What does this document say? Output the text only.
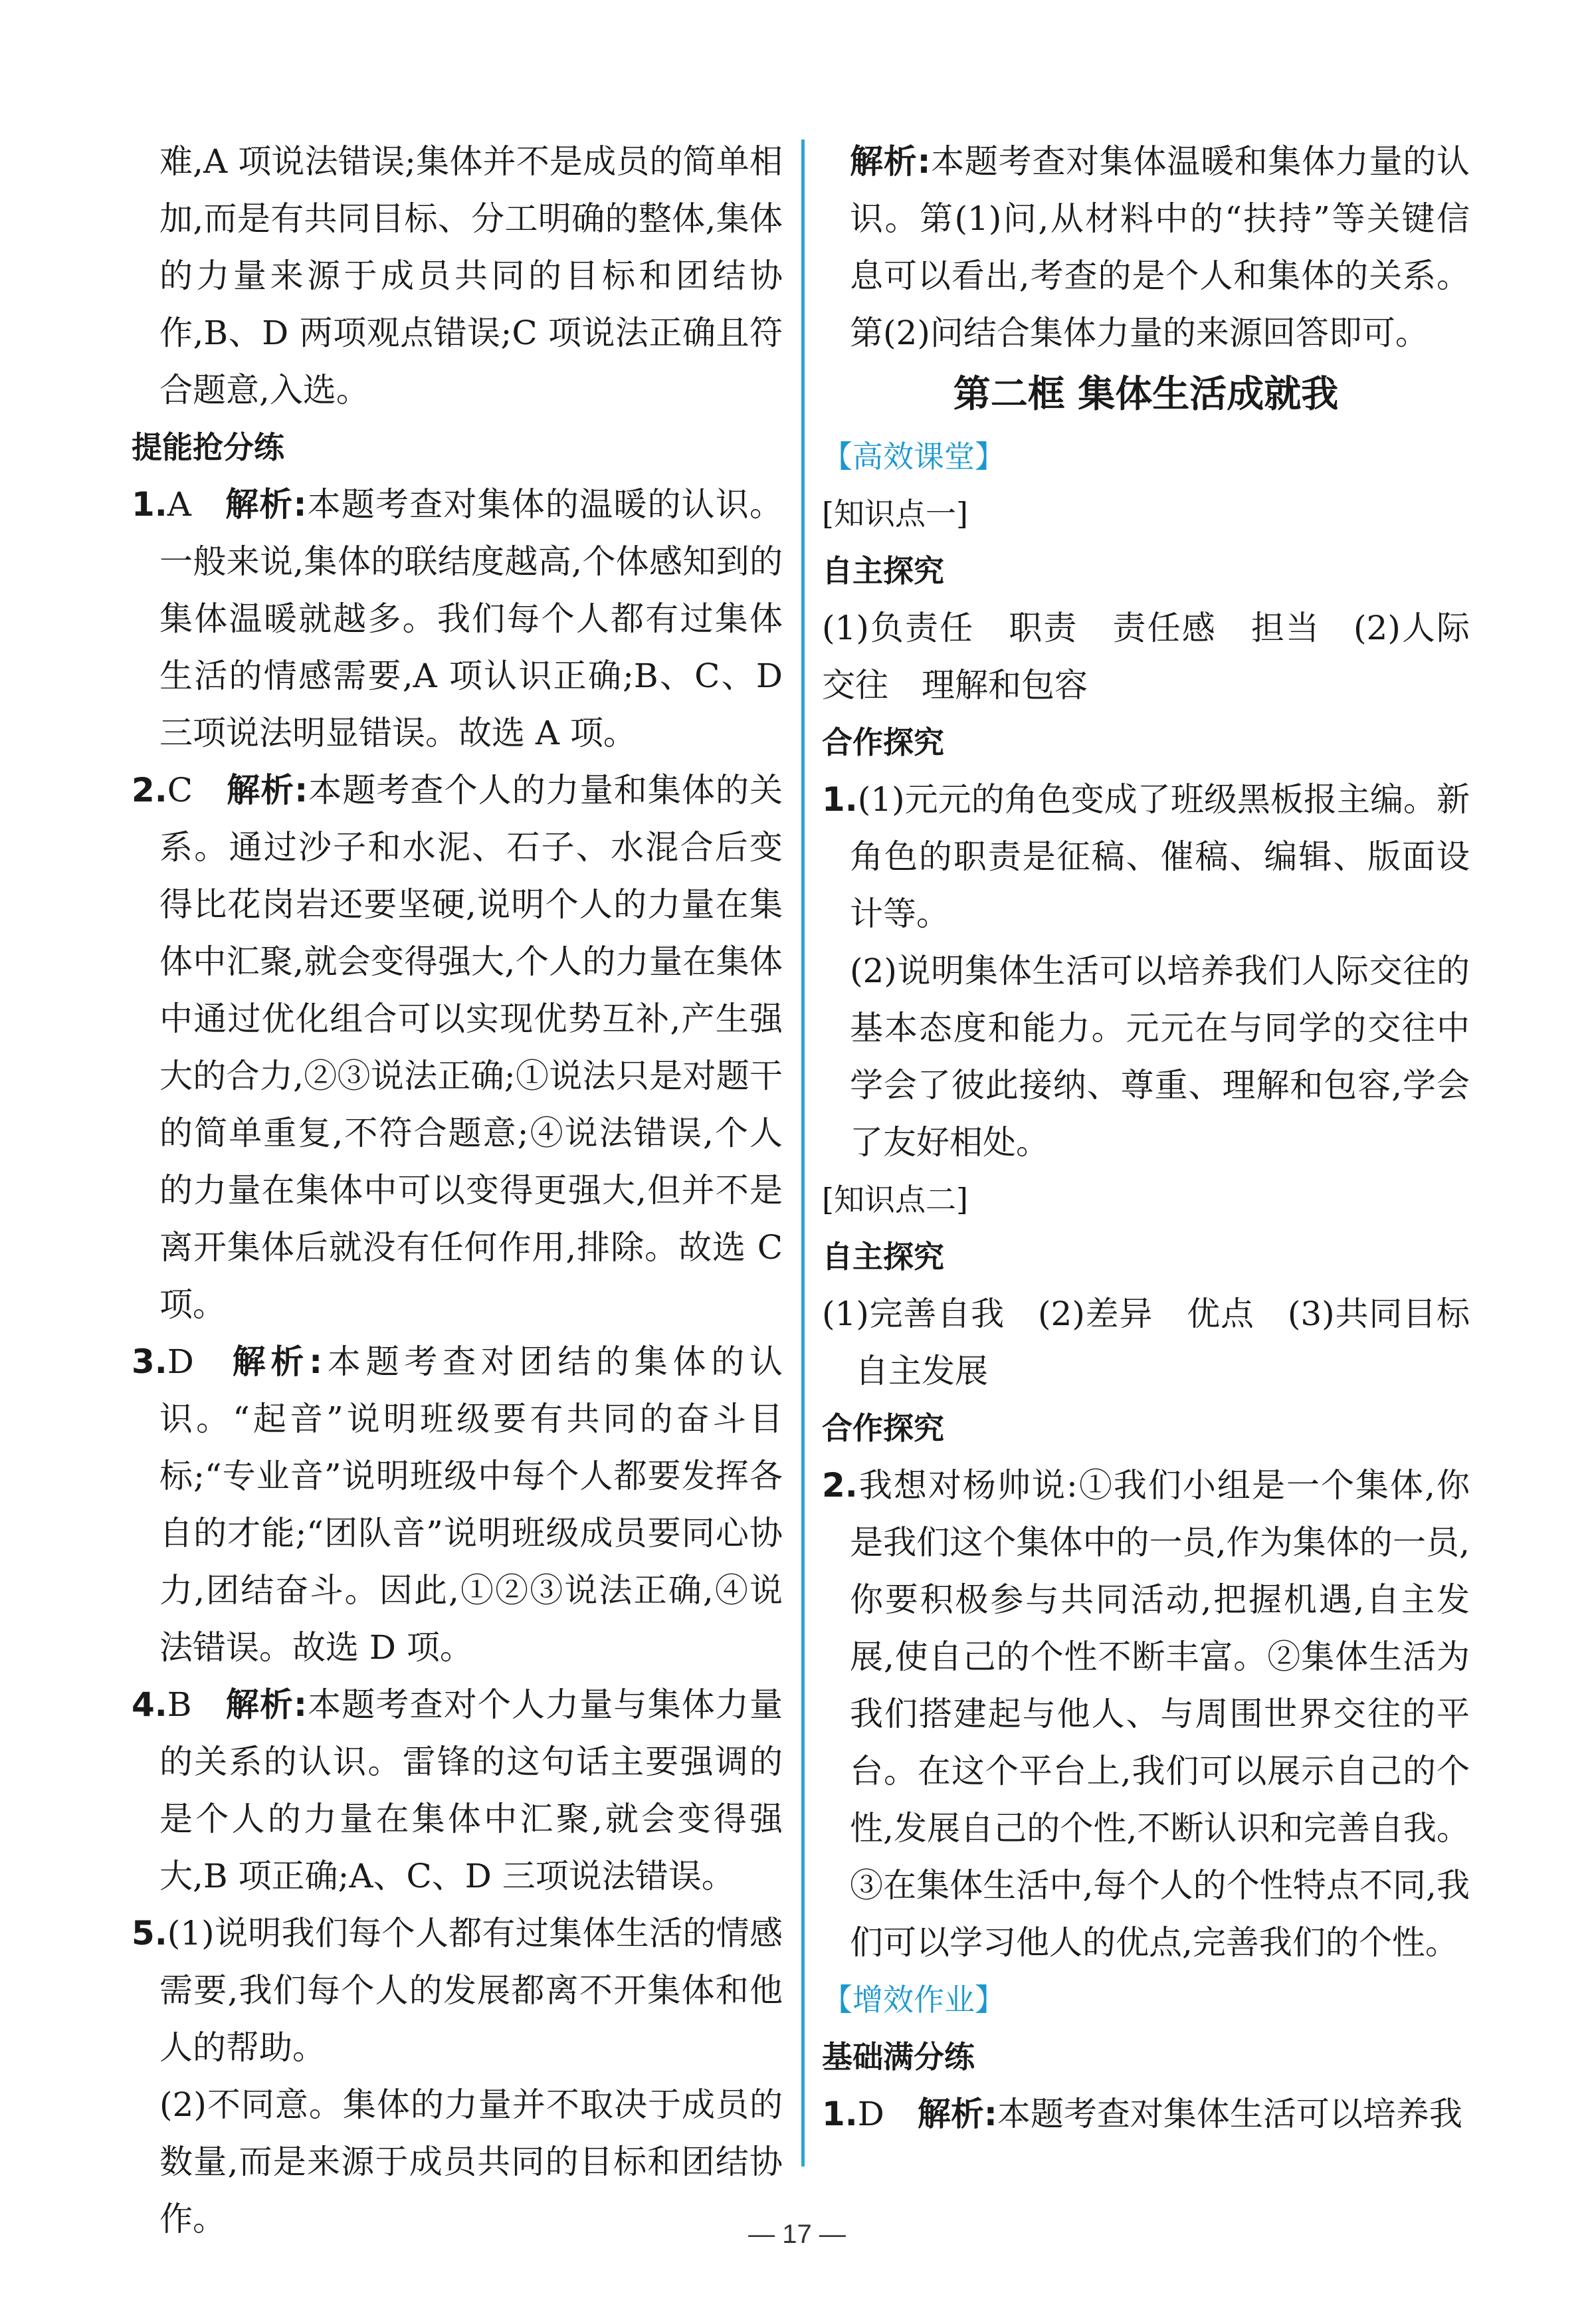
难,A 项说法错误;集体并不是成员的简单相加,而是有共同目标、分工明确的整体,集体的力量来源于成员共同的目标和团结协作,B、D 两项观点错误;C 项说法正确且符合题意,入选。

提能抢分练

1.A 解析:本题考查对集体的温暖的认识。一般来说,集体的联结度越高,个体感知到的集体温暖就越多。我们每个人都有过集体生活的情感需要,A 项认识正确;B、C、D 三项说法明显错误。故选 A 项。

2.C 解析:本题考查个人的力量和集体的关系。通过沙子和水泥、石子、水混合后变得比花岗岩还要坚硬,说明个人的力量在集体中汇聚,就会变得强大,个人的力量在集体中通过优化组合可以实现优势互补,产生强大的合力,②③说法正确;①说法只是对题干的简单重复,不符合题意;④说法错误,个人的力量在集体中可以变得更强大,但并不是离开集体后就没有任何作用,排除。故选 C 项。

3.D 解析:本题考查对团结的集体的认识。“起音”说明班级要有共同的奋斗目标;“专业音”说明班级中每个人都要发挥各自的才能;“团队音”说明班级成员要同心协力,团结奋斗。因此,①②③说法正确,④说法错误。故选 D 项。

4.B 解析:本题考查对个人力量与集体力量的关系的认识。雷锋的这句话主要强调的是个人的力量在集体中汇聚,就会变得强大,B 项正确;A、C、D 三项说法错误。

5.(1)说明我们每个人都有过集体生活的情感需要,我们每个人的发展都离不开集体和他人的帮助。

(2)不同意。集体的力量并不取决于成员的数量,而是来源于成员共同的目标和团结协作。

解析:本题考查对集体温暖和集体力量的认识。第(1)问,从材料中的“扶持”等关键信息可以看出,考查的是个人和集体的关系。第(2)问结合集体力量的来源回答即可。

第二框 集体生活成就我

【高效课堂】

[知识点一]

自主探究

(1)负责任 职责 责任感 担当 (2)人际交往 理解和包容

合作探究

1.(1)元元的角色变成了班级黑板报主编。新角色的职责是征稿、催稿、编辑、版面设计等。

(2)说明集体生活可以培养我们人际交往的基本态度和能力。元元在与同学的交往中学会了彼此接纳、尊重、理解和包容,学会了友好相处。

[知识点二]

自主探究

(1)完善自我 (2)差异 优点 (3)共同目标自主发展

合作探究

2.我想对杨帅说:①我们小组是一个集体,你是我们这个集体中的一员,作为集体的一员,你要积极参与共同活动,把握机遇,自主发展,使自己的个性不断丰富。②集体生活为我们搭建起与他人、与周围世界交往的平台。在这个平台上,我们可以展示自己的个性,发展自己的个性,不断认识和完善自我。③在集体生活中,每个人的个性特点不同,我们可以学习他人的优点,完善我们的个性。

【增效作业】

基础满分练

1.D 解析:本题考查对集体生活可以培养我

— 17 —
